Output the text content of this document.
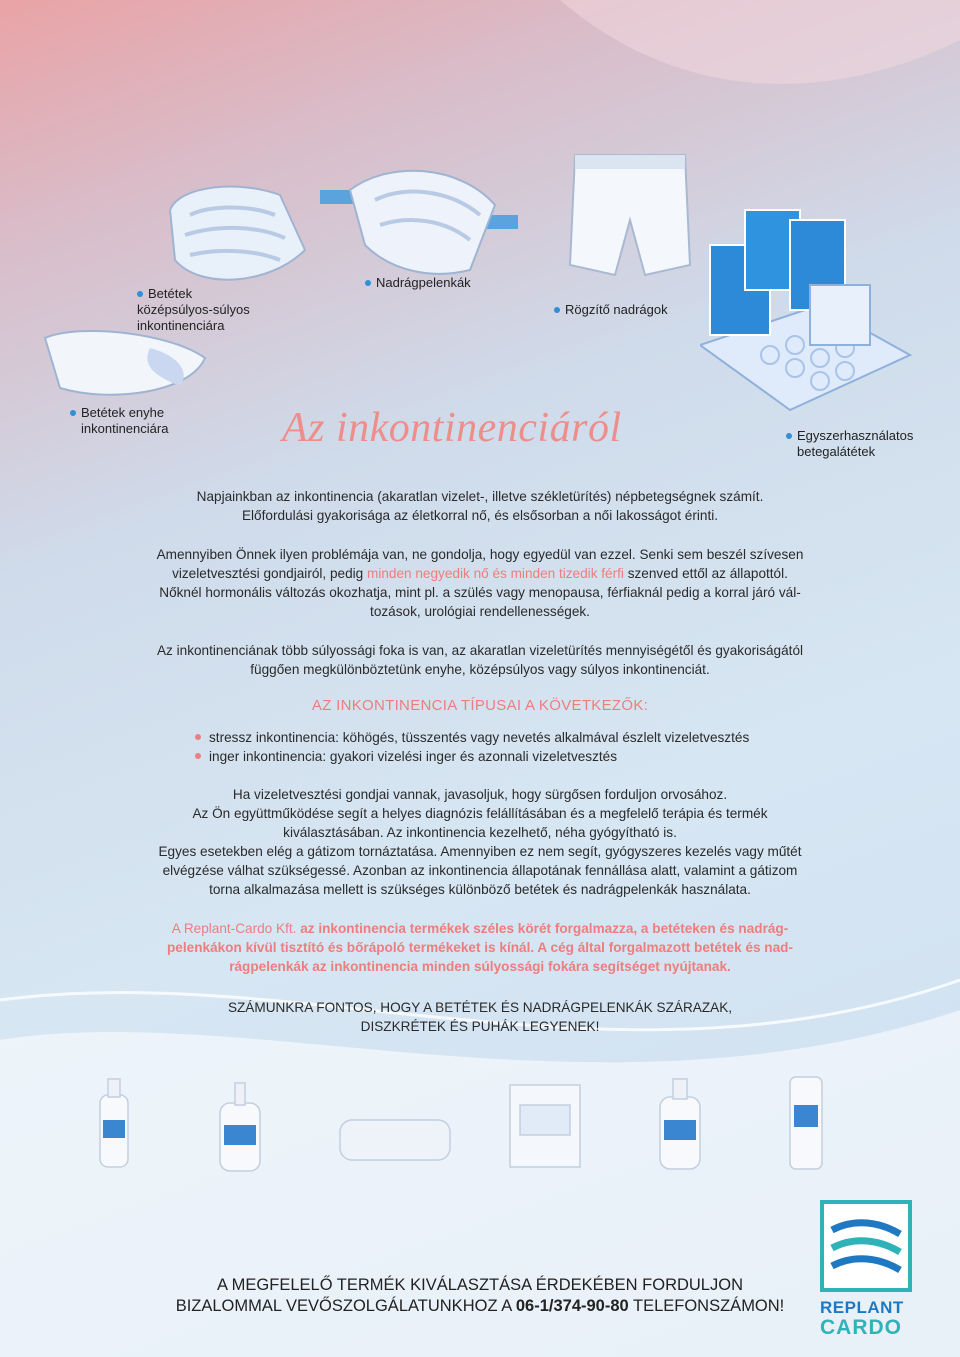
Betétek
középsúlyos-súlyos
inkontinenciára
Nadrágpelenkák
Rögzítő nadrágok
Betétek enyhe
inkontinenciára	Egyszerhasználatos
betegalátétek
Az inkontinenciáról

Napjainkban az inkontinencia (akaratlan vizelet-, illetve székletürítés) népbetegségnek számít.

Előfordulási gyakorisága az életkorral nő, és elsősorban a női lakosságot érinti.

Amennyiben Önnek ilyen problémája van, ne gondolja, hogy egyedül van ezzel. Senki sem beszél szívesen

vizeletvesztési gondjairól, pedig minden negyedik nő és minden tizedik férfi szenved ettől az állapottól.

Nőknél hormonális változás okozhatja, mint pl. a szülés vagy menopausa, férfiaknál pedig a korral járó vál-

tozások, urológiai rendellenességek.

Az inkontinenciának több súlyossági foka is van, az akaratlan vizeletürítés mennyiségétől és gyakoriságától

függően megkülönböztetünk enyhe, középsúlyos vagy súlyos inkontinenciát.

AZ INKONTINENCIA TÍPUSAI A KÖVETKEZŐK:
stressz inkontinencia: köhögés, tüsszentés vagy nevetés alkalmával észlelt vizeletvesztés
inger inkontinencia: gyakori vizelési inger és azonnali vizeletvesztés

Ha vizeletvesztési gondjai vannak, javasoljuk, hogy sürgősen forduljon orvosához.

Az Ön együttműködése segít a helyes diagnózis felállításában és a megfelelő terápia és termék

kiválasztásában. Az inkontinencia kezelhető, néha gyógyítható is.

Egyes esetekben elég a gátizom tornáztatása. Amennyiben ez nem segít, gyógyszeres kezelés vagy műtét

elvégzése válhat szükségessé. Azonban az inkontinencia állapotának fennállása alatt, valamint a gátizom

torna alkalmazása mellett is szükséges különböző betétek és nadrágpelenkák használata.

A Replant-Cardo Kft. az inkontinencia termékek széles körét forgalmazza, a betéteken és nadrág-

pelenkákon kívül tisztító és bőrápoló termékeket is kínál. A cég által forgalmazott betétek és nad-

rágpelenkák az inkontinencia minden súlyossági fokára segítséget nyújtanak.

SZÁMUNKRA FONTOS, HOGY A BETÉTEK ÉS NADRÁGPELENKÁK SZÁRAZAK,

DISZKRÉTEK ÉS PUHÁK LEGYENEK!

A MEGFELELŐ TERMÉK KIVÁLASZTÁSA ÉRDEKÉBEN FORDULJON
BIZALOMMAL VEVŐSZOLGÁLATUNKHOZ A 06-1/374-90-80 TELEFONSZÁMON!	REPLANT
CARDO
